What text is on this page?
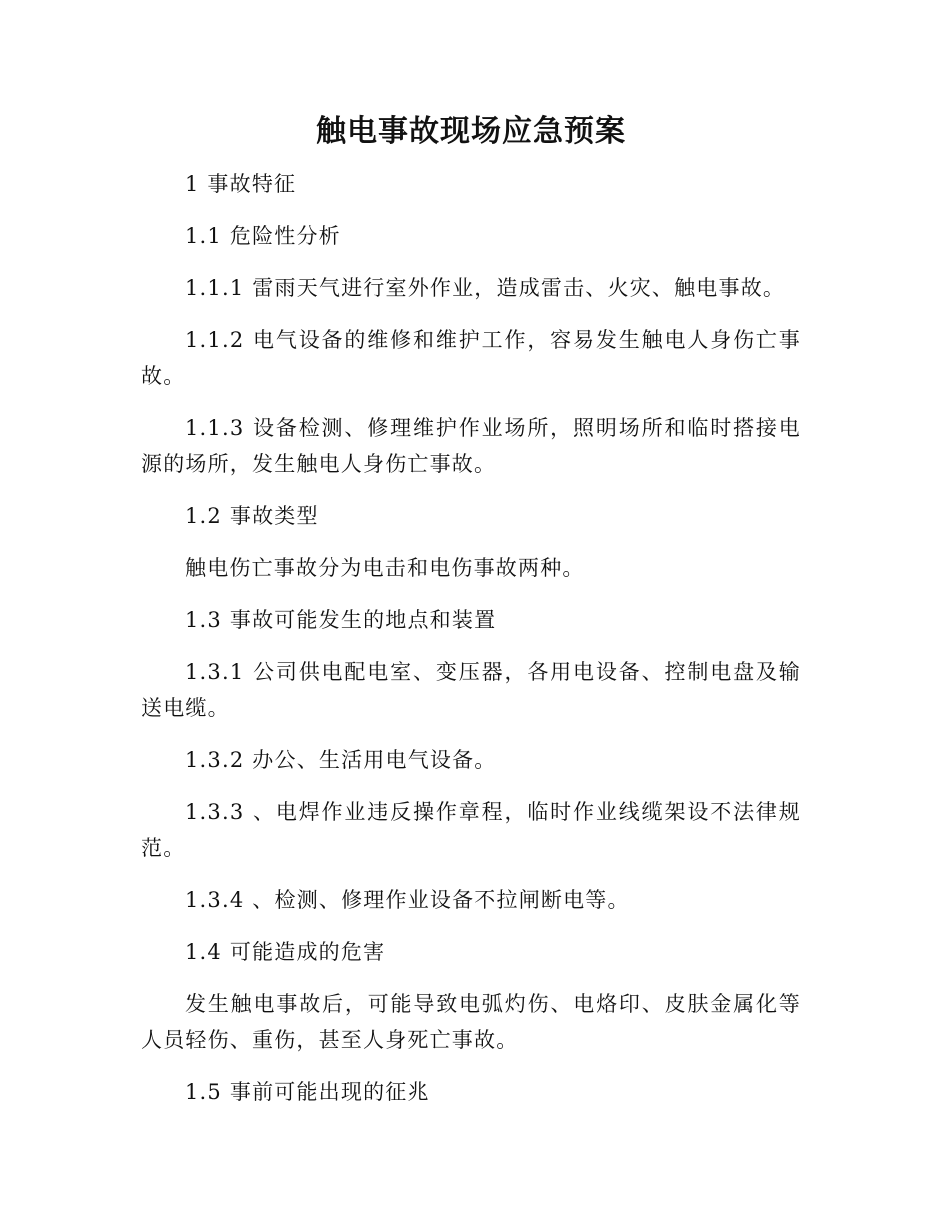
触电事故现场应急预案

1 事故特征

1.1 危险性分析

1.1.1 雷雨天气进行室外作业，造成雷击、火灾、触电事故。

1.1.2 电气设备的维修和维护工作，容易发生触电人身伤亡事故。

1.1.3 设备检测、修理维护作业场所，照明场所和临时搭接电源的场所，发生触电人身伤亡事故。

1.2 事故类型

触电伤亡事故分为电击和电伤事故两种。

1.3 事故可能发生的地点和装置

1.3.1 公司供电配电室、变压器，各用电设备、控制电盘及输送电缆。

1.3.2 办公、生活用电气设备。

1.3.3 、电焊作业违反操作章程，临时作业线缆架设不法律规范。

1.3.4 、检测、修理作业设备不拉闸断电等。

1.4 可能造成的危害

发生触电事故后，可能导致电弧灼伤、电烙印、皮肤金属化等人员轻伤、重伤，甚至人身死亡事故。

1.5 事前可能出现的征兆
